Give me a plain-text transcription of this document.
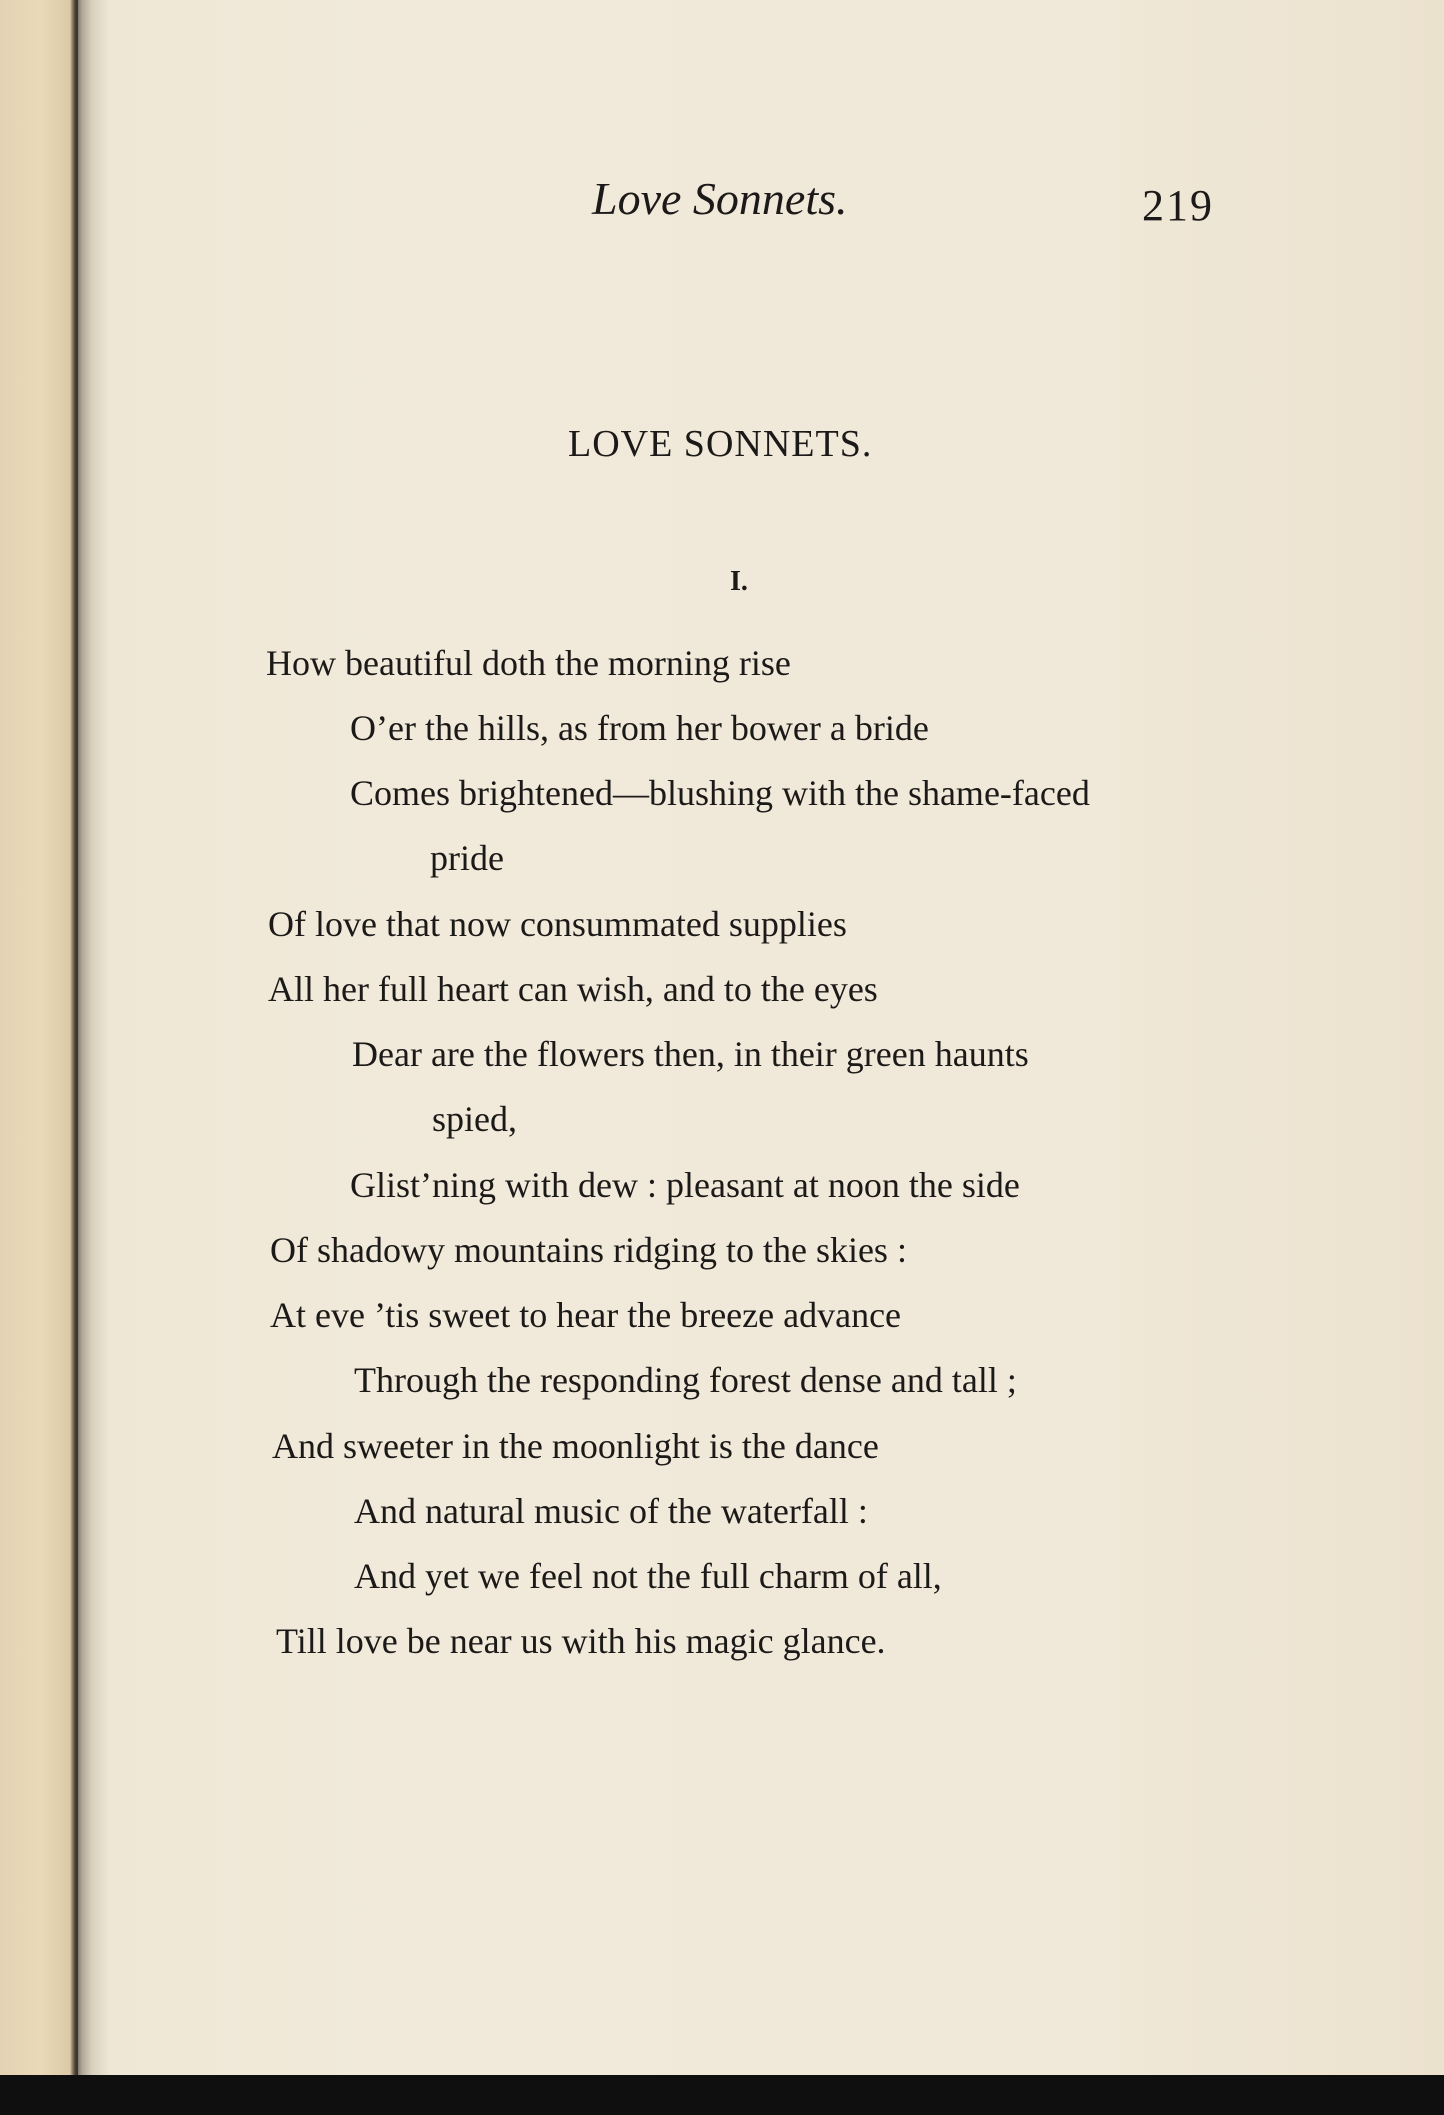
Love Sonnets.	219
LOVE SONNETS.
I.
How beautiful doth the morning rise
O’er the hills, as from her bower a bride
Comes brightened—blushing with the shame-faced
pride
Of love that now consummated supplies
All her full heart can wish, and to the eyes
Dear are the flowers then, in their green haunts
spied,
Glist’ning with dew : pleasant at noon the side
Of shadowy mountains ridging to the skies :
At eve ’tis sweet to hear the breeze advance
Through the responding forest dense and tall ;
And sweeter in the moonlight is the dance
And natural music of the waterfall :
And yet we feel not the full charm of all,
Till love be near us with his magic glance.
